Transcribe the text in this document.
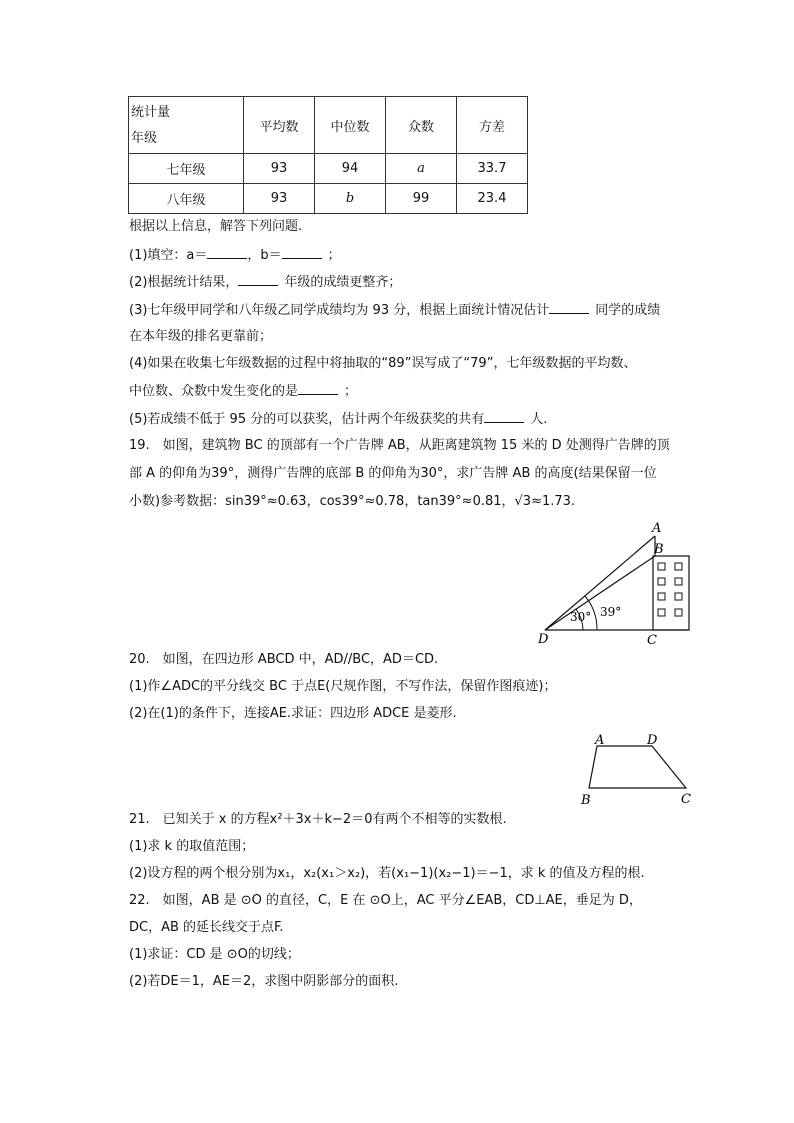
统计量
年级	平均数	中位数	众数	方差
七年级	93	94	a	33.7
八年级	93	b	99	23.4
根据以上信息，解答下列问题.
(1)填空：a＝	，b＝	；
(2)根据统计结果，	年级的成绩更整齐；
(3)七年级甲同学和八年级乙同学成绩均为 93 分，根据上面统计情况估计	同学的成绩
在本年级的排名更靠前；
(4)如果在收集七年级数据的过程中将抽取的“89”误写成了“79”，七年级数据的平均数、
中位数、众数中发生变化的是	；
(5)若成绩不低于 95 分的可以获奖，估计两个年级获奖的共有	人.
19.　如图，建筑物 BC 的顶部有一个广告牌 AB，从距离建筑物 15 米的 D 处测得广告牌的顶
部 A 的仰角为39°，测得广告牌的底部 B 的仰角为30°，求广告牌 AB 的高度(结果保留一位
小数)参考数据：sin39°≈0.63，cos39°≈0.78，tan39°≈0.81，√3≈1.73.
30° 39°
A
B
D	C
20.　如图，在四边形 ABCD 中，AD//BC，AD＝CD.
(1)作∠ADC的平分线交 BC 于点E(尺规作图，不写作法，保留作图痕迹)；
(2)在(1)的条件下，连接AE.求证：四边形 ADCE 是菱形.
A	D
B	C
21.　已知关于 x 的方程x²＋3x＋k−2＝0有两个不相等的实数根.
(1)求 k 的取值范围；
(2)设方程的两个根分别为x₁，x₂(x₁＞x₂)，若(x₁−1)(x₂−1)＝−1，求 k 的值及方程的根.
22.　如图，AB 是 ⊙O 的直径，C，E 在 ⊙O上，AC 平分∠EAB，CD⊥AE，垂足为 D，
DC，AB 的延长线交于点F.
(1)求证：CD 是 ⊙O的切线；
(2)若DE＝1，AE＝2，求图中阴影部分的面积.
